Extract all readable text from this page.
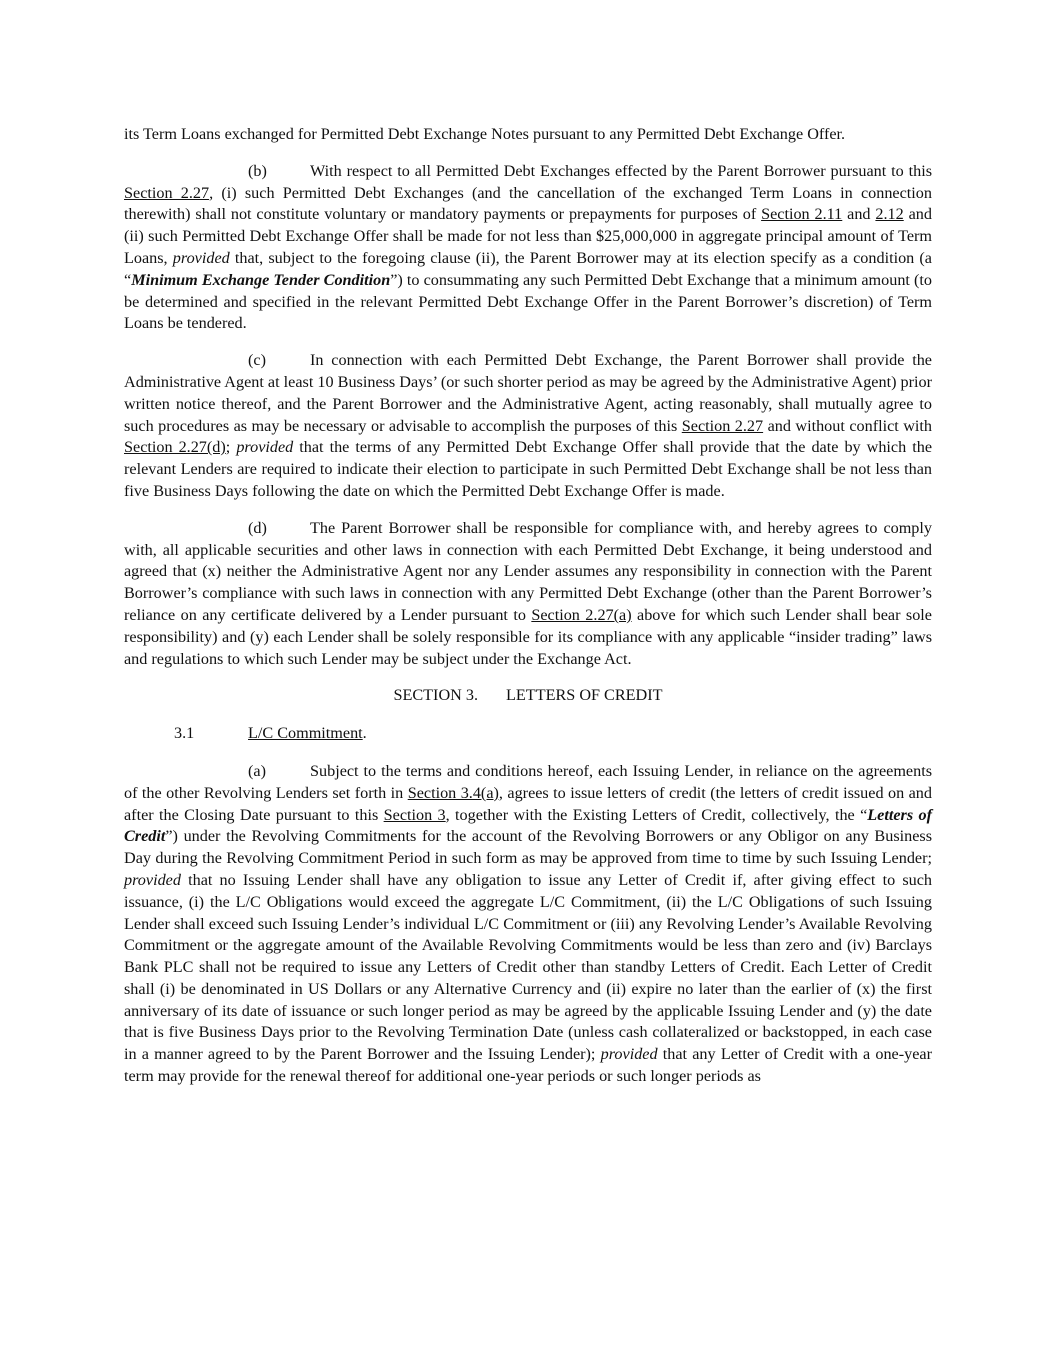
its Term Loans exchanged for Permitted Debt Exchange Notes pursuant to any Permitted Debt Exchange Offer.

(b)	With respect to all Permitted Debt Exchanges effected by the Parent Borrower pursuant to this Section 2.27, (i) such Permitted Debt Exchanges (and the cancellation of the exchanged Term Loans in connection therewith) shall not constitute voluntary or mandatory payments or prepayments for purposes of Section 2.11 and 2.12 and (ii) such Permitted Debt Exchange Offer shall be made for not less than $25,000,000 in aggregate principal amount of Term Loans, provided that, subject to the foregoing clause (ii), the Parent Borrower may at its election specify as a condition (a “Minimum Exchange Tender Condition”) to consummating any such Permitted Debt Exchange that a minimum amount (to be determined and specified in the relevant Permitted Debt Exchange Offer in the Parent Borrower’s discretion) of Term Loans be tendered.

(c)	In connection with each Permitted Debt Exchange, the Parent Borrower shall provide the Administrative Agent at least 10 Business Days’ (or such shorter period as may be agreed by the Administrative Agent) prior written notice thereof, and the Parent Borrower and the Administrative Agent, acting reasonably, shall mutually agree to such procedures as may be necessary or advisable to accomplish the purposes of this Section 2.27 and without conflict with Section 2.27(d); provided that the terms of any Permitted Debt Exchange Offer shall provide that the date by which the relevant Lenders are required to indicate their election to participate in such Permitted Debt Exchange shall be not less than five Business Days following the date on which the Permitted Debt Exchange Offer is made.

(d)	The Parent Borrower shall be responsible for compliance with, and hereby agrees to comply with, all applicable securities and other laws in connection with each Permitted Debt Exchange, it being understood and agreed that (x) neither the Administrative Agent nor any Lender assumes any responsibility in connection with the Parent Borrower’s compliance with such laws in connection with any Permitted Debt Exchange (other than the Parent Borrower’s reliance on any certificate delivered by a Lender pursuant to Section 2.27(a) above for which such Lender shall bear sole responsibility) and (y) each Lender shall be solely responsible for its compliance with any applicable “insider trading” laws and regulations to which such Lender may be subject under the Exchange Act.

SECTION 3. LETTERS OF CREDIT

3.1	L/C Commitment.

(a)	Subject to the terms and conditions hereof, each Issuing Lender, in reliance on the agreements of the other Revolving Lenders set forth in Section 3.4(a), agrees to issue letters of credit (the letters of credit issued on and after the Closing Date pursuant to this Section 3, together with the Existing Letters of Credit, collectively, the “Letters of Credit”) under the Revolving Commitments for the account of the Revolving Borrowers or any Obligor on any Business Day during the Revolving Commitment Period in such form as may be approved from time to time by such Issuing Lender; provided that no Issuing Lender shall have any obligation to issue any Letter of Credit if, after giving effect to such issuance, (i) the L/C Obligations would exceed the aggregate L/C Commitment, (ii) the L/C Obligations of such Issuing Lender shall exceed such Issuing Lender’s individual L/C Commitment or (iii) any Revolving Lender’s Available Revolving Commitment or the aggregate amount of the Available Revolving Commitments would be less than zero and (iv) Barclays Bank PLC shall not be required to issue any Letters of Credit other than standby Letters of Credit. Each Letter of Credit shall (i) be denominated in US Dollars or any Alternative Currency and (ii) expire no later than the earlier of (x) the first anniversary of its date of issuance or such longer period as may be agreed by the applicable Issuing Lender and (y) the date that is five Business Days prior to the Revolving Termination Date (unless cash collateralized or backstopped, in each case in a manner agreed to by the Parent Borrower and the Issuing Lender); provided that any Letter of Credit with a one-year term may provide for the renewal thereof for additional one-year periods or such longer periods as
